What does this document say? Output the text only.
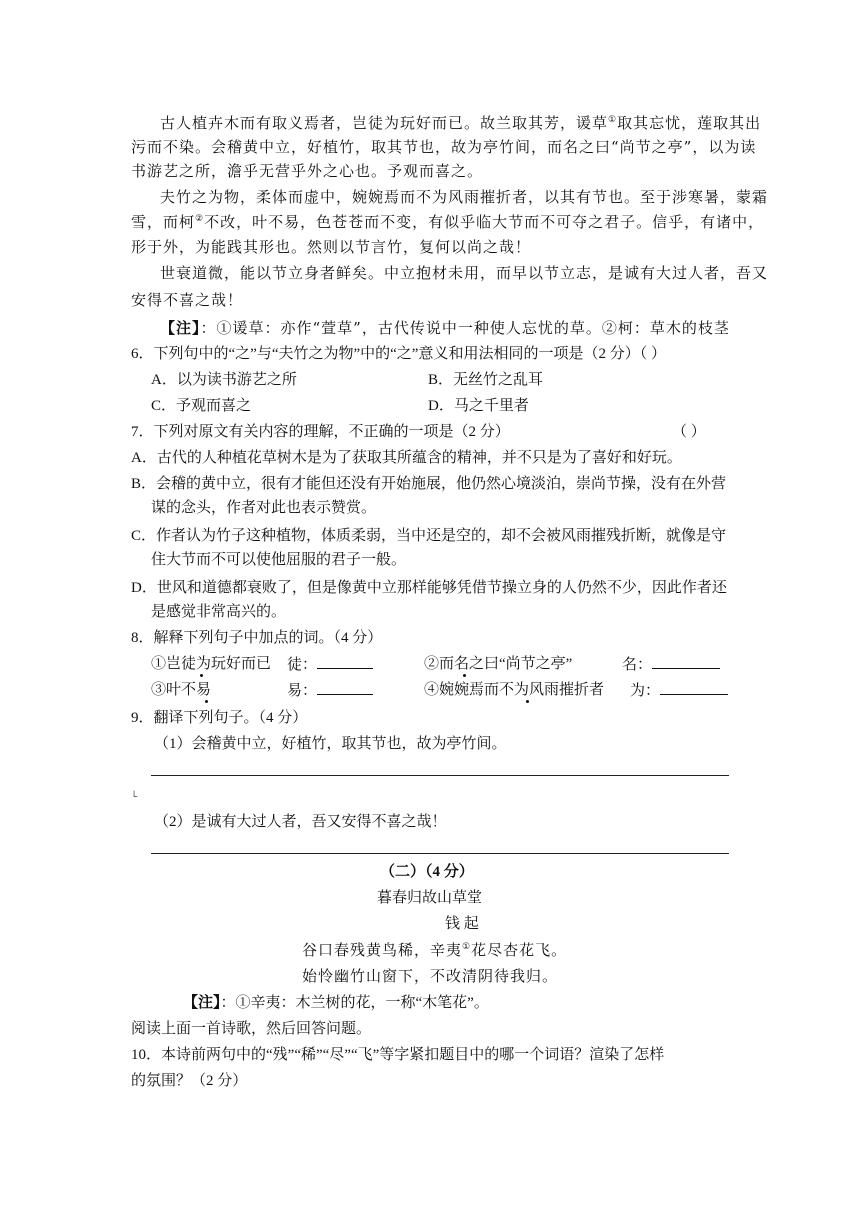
古人植卉木而有取义焉者，岂徒为玩好而已。故兰取其芳，谖草①取其忘忧，莲取其出
污而不染。会稽黄中立，好植竹，取其节也，故为亭竹间，而名之曰“尚节之亭”，以为读
书游艺之所，澹乎无营乎外之心也。予观而喜之。
夫竹之为物，柔体而虚中，婉婉焉而不为风雨摧折者，以其有节也。至于涉寒暑，蒙霜
雪，而柯②不改，叶不易，色苍苍而不变，有似乎临大节而不可夺之君子。信乎，有诸中，
形于外，为能践其形也。然则以节言竹，复何以尚之哉！
世衰道微，能以节立身者鲜矣。中立抱材未用，而早以节立志，是诚有大过人者，吾又
安得不喜之哉！
【注】：①谖草：亦作“萱草”，古代传说中一种使人忘忧的草。②柯：草木的枝茎
6．下列句中的“之”与“夫竹之为物”中的“之”意义和用法相同的一项是（2 分）（ ）
A．以为读书游艺之所	B．无丝竹之乱耳
C．予观而喜之	D．马之千里者
7．下列对原文有关内容的理解，不正确的一项是（2 分）	（ ）
A．古代的人种植花草树木是为了获取其所蕴含的精神，并不只是为了喜好和好玩。
B．会稽的黄中立，很有才能但还没有开始施展，他仍然心境淡泊，崇尚节操，没有在外营
谋的念头，作者对此也表示赞赏。
C．作者认为竹子这种植物，体质柔弱，当中还是空的，却不会被风雨摧残折断，就像是守
住大节而不可以使他屈服的君子一般。
D．世风和道德都衰败了，但是像黄中立那样能够凭借节操立身的人仍然不少，因此作者还
是感觉非常高兴的。
8．解释下列句子中加点的词。（4 分）
①岂徒为玩好而已 徒：	②而名之曰“尚节之亭”	名：
③叶不易	易：	④婉婉焉而不为风雨摧折者 为：
9．翻译下列句子。（4 分）
（1）会稽黄中立，好植竹，取其节也，故为亭竹间。
└
（2）是诚有大过人者，吾又安得不喜之哉！
（二）（4 分）
暮春归故山草堂
钱 起
谷口春残黄鸟稀，辛夷①花尽杏花飞。
始怜幽竹山窗下，不改清阴待我归。
【注】：①辛夷：木兰树的花，一称“木笔花”。
阅读上面一首诗歌，然后回答问题。
10．本诗前两句中的“残”“稀”“尽”“飞”等字紧扣题目中的哪一个词语？渲染了怎样
的氛围？（2 分）
